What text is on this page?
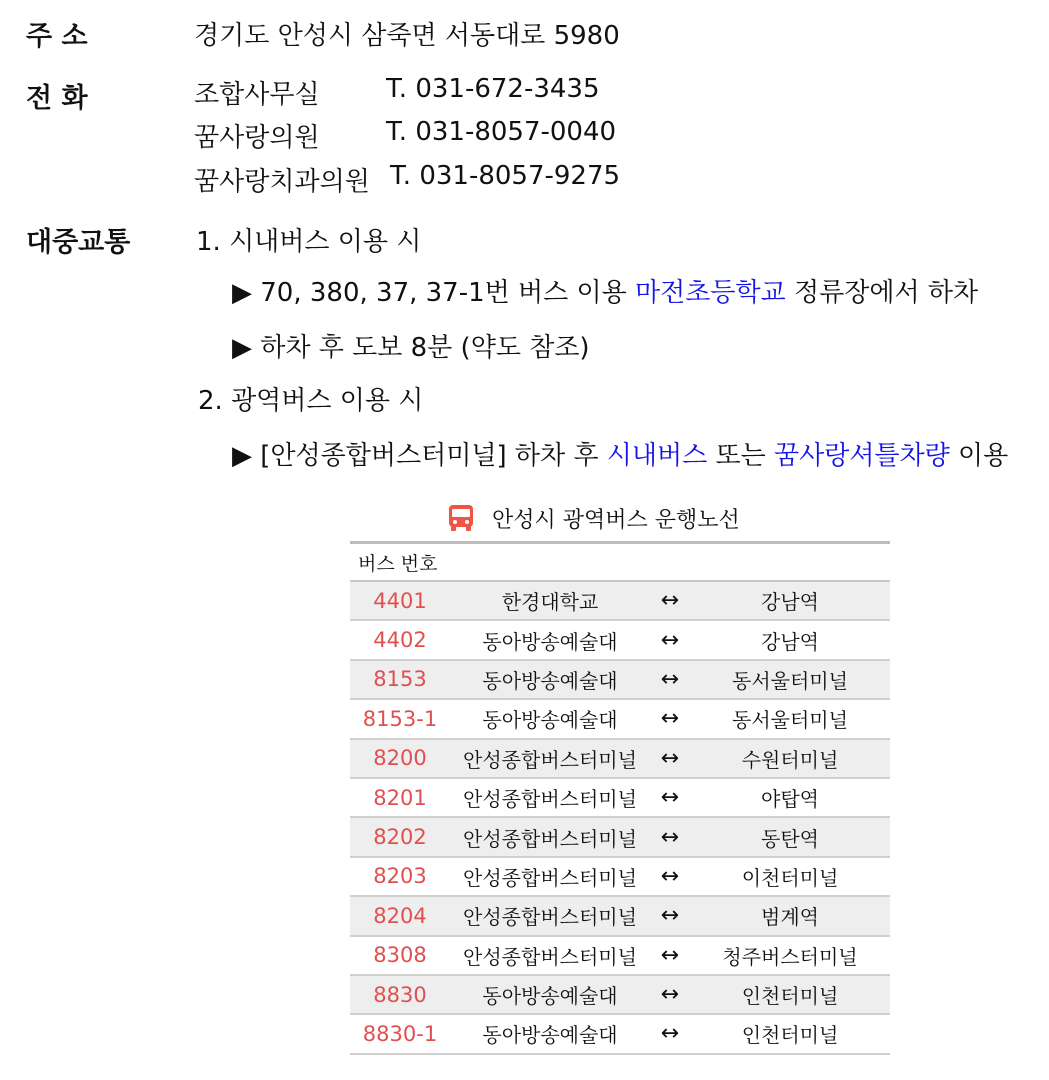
주 소	경기도 안성시 삼죽면 서동대로 5980
전 화	조합사무실	T. 031-672-3435
꿈사랑의원	T. 031-8057-0040
꿈사랑치과의원 T. 031-8057-9275
대중교통	1. 시내버스 이용 시
▶ 70, 380, 37, 37-1번 버스 이용 마전초등학교 정류장에서 하차
▶ 하차 후 도보 8분 (약도 참조)
2. 광역버스 이용 시
▶ [안성종합버스터미널] 하차 후 시내버스 또는 꿈사랑셔틀차량 이용
안성시 광역버스 운행노선
버스 번호
4401	한경대학교	↔	강남역
4402	동아방송예술대	↔	강남역
8153	동아방송예술대	↔	동서울터미널
8153-1	동아방송예술대	↔	동서울터미널
8200	안성종합버스터미널	↔	수원터미널
8201	안성종합버스터미널	↔	야탑역
8202	안성종합버스터미널	↔	동탄역
8203	안성종합버스터미널	↔	이천터미널
8204	안성종합버스터미널	↔	범계역
8308	안성종합버스터미널	↔	청주버스터미널
8830	동아방송예술대	↔	인천터미널
8830-1	동아방송예술대	↔	인천터미널
